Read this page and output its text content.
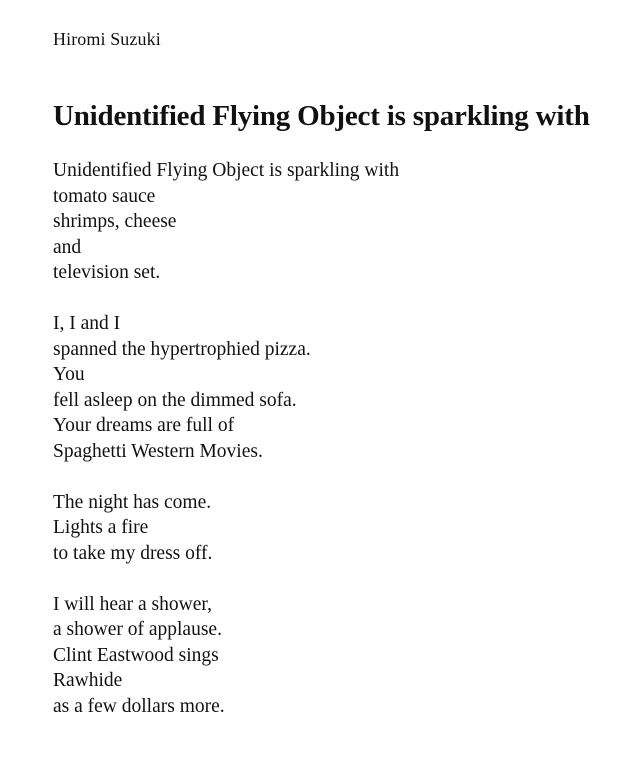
Hiromi Suzuki

Unidentified Flying Object is sparkling with
Unidentified Flying Object is sparkling with
tomato sauce
shrimps, cheese
and
television set.
I, I and I
spanned the hypertrophied pizza.
You
fell asleep on the dimmed sofa.
Your dreams are full of
Spaghetti Western Movies.
The night has come.
Lights a fire
to take my dress off.
I will hear a shower,
a shower of applause.
Clint Eastwood sings
Rawhide
as a few dollars more.
